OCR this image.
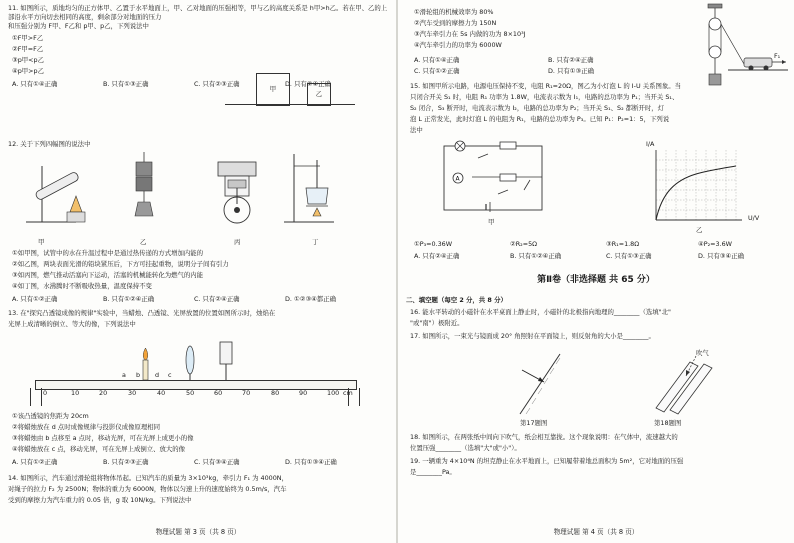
11. 如图所示，质地均匀的正方体甲、乙置于水平地面上，甲、乙对地面的压强相等，甲与乙的高度关系是 h甲>h乙。若在甲、乙的上部沿水平方向切去相同的高度，剩余部分对地面的压力
和压强分别为 F甲、F乙和 p甲、p乙，下列说法中
①F甲>F乙
②F甲=F乙
③p甲<p乙
④p甲>p乙
A. 只有①④正确	B. 只有①③正确	C. 只有②③正确	D. 只有②④正确
甲
乙
12. 关于下列四幅图的说法中
甲	乙	丙	丁
①如甲图，试管中的水在升温过程中是通过热传递的方式增加内能的
②如乙图，两块表面光滑的铅块紧压后，下方可挂起重物，说明分子间有引力
③如丙图，燃气推动活塞向下运动，活塞的机械能转化为燃气的内能
④如丁图，水沸腾时不断吸收热量，温度保持不变
A. 只有①②正确	B. 只有①②④正确	C. 只有②④正确	D. ①②③④都正确
13. 在"探究凸透镜成像的规律"实验中，当蜡烛、凸透镜、光屏放置的位置如图所示时，烛焰在
光屏上成清晰的倒立、等大的像，下列说法中
0	10	20	30	40	50	60	70	80	90	100 cm
a b d c
①该凸透镜的焦距为 20cm
②将蜡烛放在 d 点时成像规律与投影仪成像原理相同
③将蜡烛由 b 点移至 a 点时，移动光屏，可在光屏上成更小的像
④将蜡烛放在 c 点，移动光屏，可在光屏上成倒立、放大的像
A. 只有①②正确	B. 只有②③正确	C. 只有③④正确	D. 只有①③④正确
14. 如图所示，汽车通过滑轮组将物体吊起。已知汽车的质量为 3×10³kg，牵引力 F₁ 为 4000N，
对绳子的拉力 F₂ 为 2500N；物体的重力为 6000N，物体以匀速上升的速度始终为 0.5m/s，汽车
受到的摩擦力为汽车重力的 0.05 倍，g 取 10N/kg。下列说法中
物理试题 第 3 页（共 8 页）
①滑轮组的机械效率为 80%
②汽车受到的摩擦力为 150N
③汽车牵引力在 5s 内做的功为 8×10³J
④汽车牵引力的功率为 6000W
A. 只有①④正确	B. 只有②④正确
C. 只有①②正确	D. 只有①③正确
F₁
15. 如图甲所示电路，电源电压保持不变，电阻 R₁=20Ω，图乙为小灯泡 L 的 I-U 关系图象。当
只闭合开关 S₁ 时，电阻 R₁ 功率为 1.8W，电流表示数为 I₁，电路的总功率为 P₁；当开关 S₁、
S₂ 闭合，S₃ 断开时，电流表示数为 I₂，电路的总功率为 P₂；当开关 S₁、S₂ 都断开时，灯
泡 L 正常发光，此时灯泡 L 的电阻为 R₁，电路的总功率为 P₃。已知 P₁：P₂=1：5，下列说
法中
A
甲
I/A
U/V
乙
①P₃=0.36W	②R₂=5Ω	③R₁=1.8Ω	④P₂=3.6W
A. 只有②④正确	B. 只有①②④正确	C. 只有①③正确	D. 只有③④正确
第Ⅱ卷（非选择题 共 65 分）
二、填空题（每空 2 分，共 8 分）
16. 能水平转动的小磁针在水平桌面上静止时，小磁针的北极指向地理的________（选填"北"
"或"南"）极附近。
17. 如图所示，一束光与镜面成 20° 角照射在平面镜上，则反射角的大小是________。
第17题图
吹气
第18题图
18. 如图所示，在两张纸中间向下吹气，纸会相互靠拢。这个现象说明：在气体中，流速越大的
位置压强________（选填"大"或"小"）。
19. 一辆重为 4×10⁴N 的坦克静止在水平地面上，已知履带着地总面积为 5m²，它对地面的压强
是________Pa。
物理试题 第 4 页（共 8 页）
